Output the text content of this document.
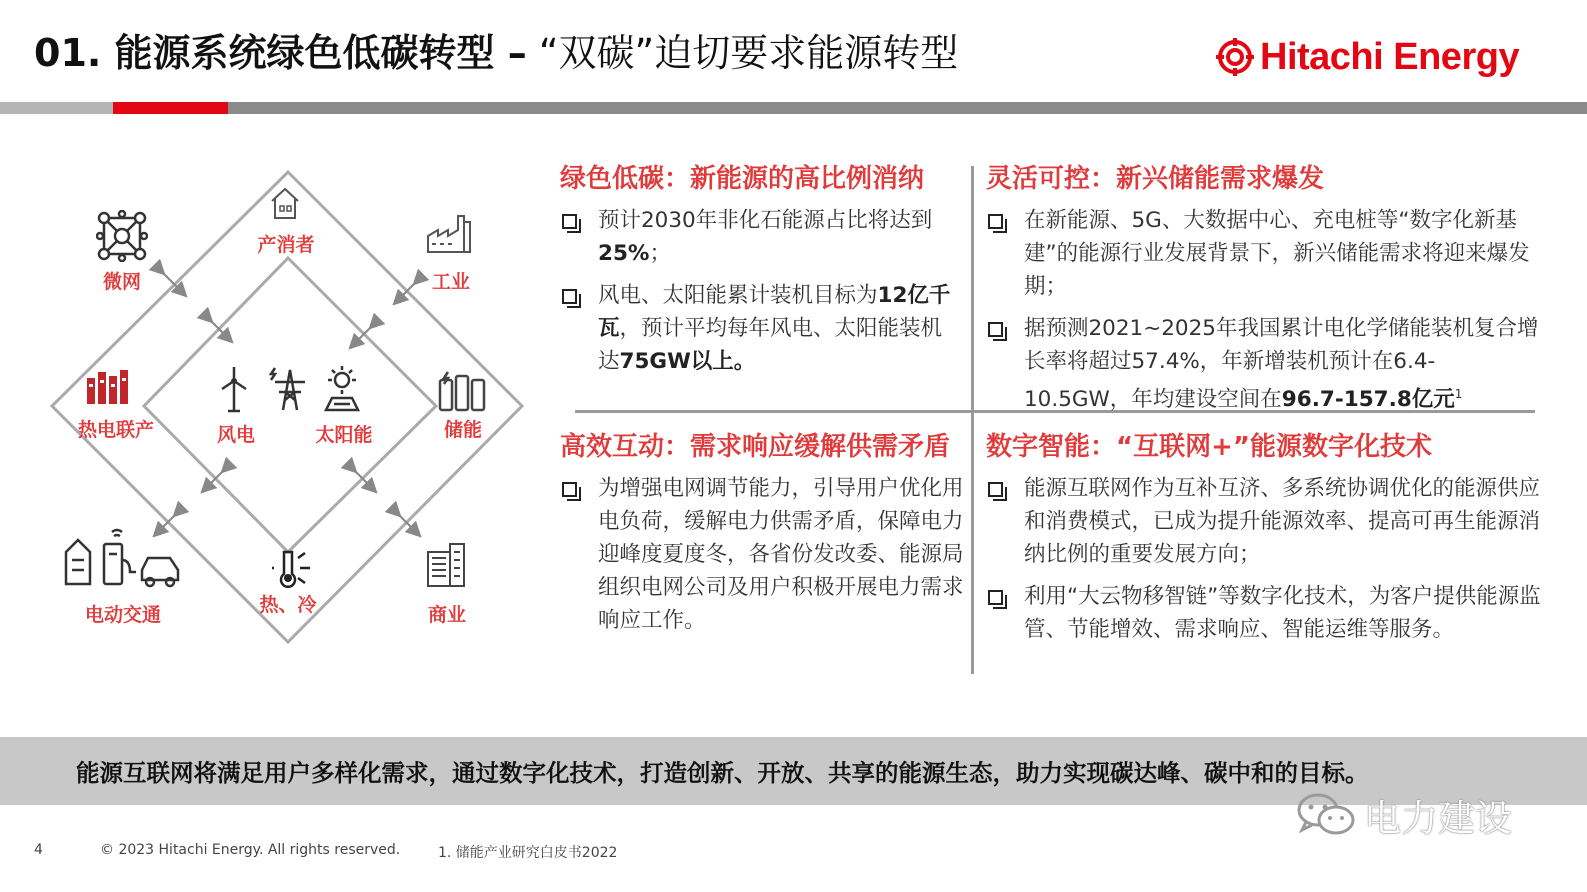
01. 能源系统绿色低碳转型 – “双碳”迫切要求能源转型	Hitachi Energy
产消者
工业
微网
热电联产	储能
电动交通	热、冷	商业
风电	太阳能
绿色低碳：新能源的高比例消纳
预计2030年非化石能源占比将达到25%；
风电、太阳能累计装机目标为12亿千瓦，预计平均每年风电、太阳能装机达75GW以上。
灵活可控：新兴储能需求爆发
在新能源、5G、大数据中心、充电桩等“数字化新基建”的能源行业发展背景下，新兴储能需求将迎来爆发期；
据预测2021~2025年我国累计电化学储能装机复合增长率将超过57.4%，年新增装机预计在6.4-10.5GW，年均建设空间在96.7-157.8亿元$^1$
高效互动：需求响应缓解供需矛盾
为增强电网调节能力，引导用户优化用电负荷，缓解电力供需矛盾，保障电力迎峰度夏度冬，各省份发改委、能源局组织电网公司及用户积极开展电力需求响应工作。
数字智能：“互联网+”能源数字化技术
能源互联网作为互补互济、多系统协调优化的能源供应和消费模式，已成为提升能源效率、提高可再生能源消纳比例的重要发展方向；
利用“大云物移智链”等数字化技术，为客户提供能源监管、节能增效、需求响应、智能运维等服务。
能源互联网将满足用户多样化需求，通过数字化技术，打造创新、开放、共享的能源生态，助力实现碳达峰、碳中和的目标。
电力建设
4	© 2023 Hitachi Energy. All rights reserved.	1. 储能产业研究白皮书2022
